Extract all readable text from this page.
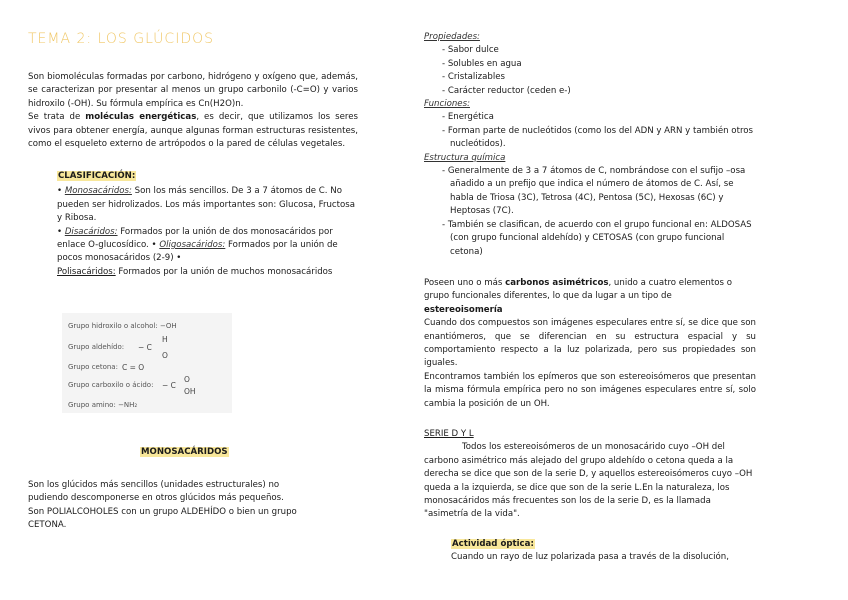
TEMA 2: LOS GLÚCIDOS

Son biomoléculas formadas por carbono, hidrógeno y oxígeno que, además, se caracterizan por presentar al menos un grupo carbonilo (-C=O) y varios hidroxilo (-OH). Su fórmula empírica es Cn(H2O)n.

Se trata de moléculas energéticas, es decir, que utilizamos los seres vivos para obtener energía, aunque algunas forman estructuras resistentes, como el esqueleto externo de artrópodos o la pared de células vegetales.

CLASIFICACIÓN:

• Monosacáridos: Son los más sencillos. De 3 a 7 átomos de C. No pueden ser hidrolizados. Los más importantes son: Glucosa, Fructosa y Ribosa.

• Disacáridos: Formados por la unión de dos monosacáridos por enlace O-glucosídico. • Oligosacáridos: Formados por la unión de pocos monosacáridos (2-9) •

Polisacáridos: Formados por la unión de muchos monosacáridos

Grupo hidroxilo o alcohol: −OH
Grupo aldehído:
H
− C
O
Grupo cetona: C = O
Grupo carboxilo o ácido: − C
O
OH
Grupo amino: −NH₂
MONOSACÁRIDOS

Son los glúcidos más sencillos (unidades estructurales) no pudiendo descomponerse en otros glúcidos más pequeños.

Son POLIALCOHOLES con un grupo ALDEHÍDO o bien un grupo CETONA.

Propiedades:

- Sabor dulce

- Solubles en agua

- Cristalizables

- Carácter reductor (ceden e-)

Funciones:

- Energética

- Forman parte de nucleótidos (como los del ADN y ARN y también otros nucleótidos).

Estructura química

- Generalmente de 3 a 7 átomos de C, nombrándose con el sufijo –osa añadido a un prefijo que indica el número de átomos de C. Así, se habla de Triosa (3C), Tetrosa (4C), Pentosa (5C), Hexosas (6C) y Heptosas (7C).

- También se clasifican, de acuerdo con el grupo funcional en: ALDOSAS (con grupo funcional aldehído) y CETOSAS (con grupo funcional cetona)

Poseen uno o más carbonos asimétricos, unido a cuatro elementos o grupo funcionales diferentes, lo que da lugar a un tipo de

estereoisomería

Cuando dos compuestos son imágenes especulares entre sí, se dice que son enantiómeros, que se diferencian en su estructura espacial y su comportamiento respecto a la luz polarizada, pero sus propiedades son iguales.

Encontramos también los epímeros que son estereoisómeros que presentan la misma fórmula empírica pero no son imágenes especulares entre sí, solo cambia la posición de un OH.

SERIE D Y L

Todos los estereoisómeros de un monosacárido cuyo –OH del carbono asimétrico más alejado del grupo aldehído o cetona queda a la derecha se dice que son de la serie D, y aquellos estereoisómeros cuyo –OH queda a la izquierda, se dice que son de la serie L.En la naturaleza, los monosacáridos más frecuentes son los de la serie D, es la llamada "asimetría de la vida".

Actividad óptica:

Cuando un rayo de luz polarizada pasa a través de la disolución,
